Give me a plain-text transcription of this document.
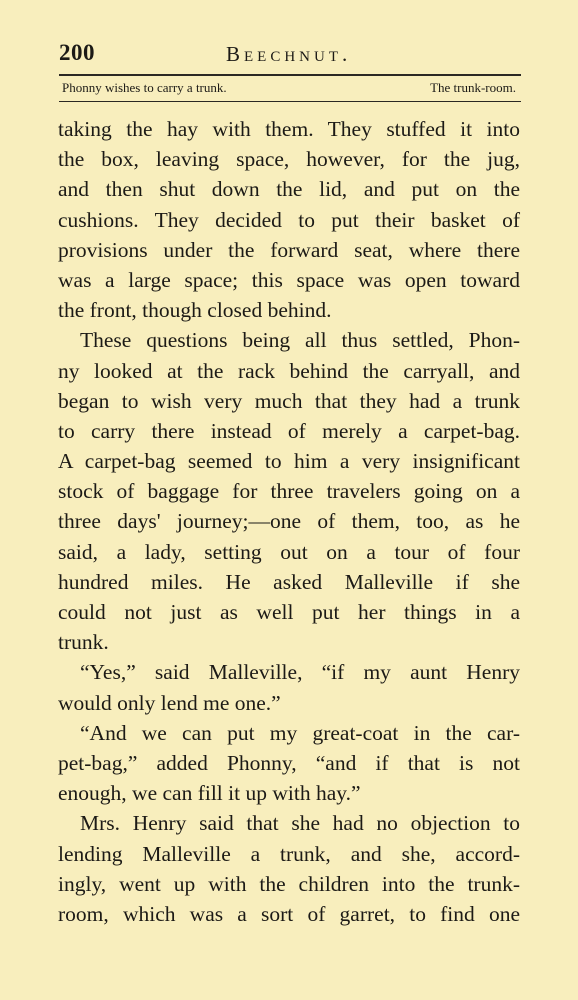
200	Beechnut.
Phonny wishes to carry a trunk.	The trunk-room.
taking the hay with them. They stuffed it into
the box, leaving space, however, for the jug,
and then shut down the lid, and put on the
cushions. They decided to put their basket of
provisions under the forward seat, where there
was a large space; this space was open toward
the front, though closed behind.
These questions being all thus settled, Phon-
ny looked at the rack behind the carryall, and
began to wish very much that they had a trunk
to carry there instead of merely a carpet-bag.
A carpet-bag seemed to him a very insignificant
stock of baggage for three travelers going on a
three days' journey;—one of them, too, as he
said, a lady, setting out on a tour of four
hundred miles. He asked Malleville if she
could not just as well put her things in a
trunk.
“Yes,” said Malleville, “if my aunt Henry
would only lend me one.”
“And we can put my great-coat in the car-
pet-bag,” added Phonny, “and if that is not
enough, we can fill it up with hay.”
Mrs. Henry said that she had no objection to
lending Malleville a trunk, and she, accord-
ingly, went up with the children into the trunk-
room, which was a sort of garret, to find one
